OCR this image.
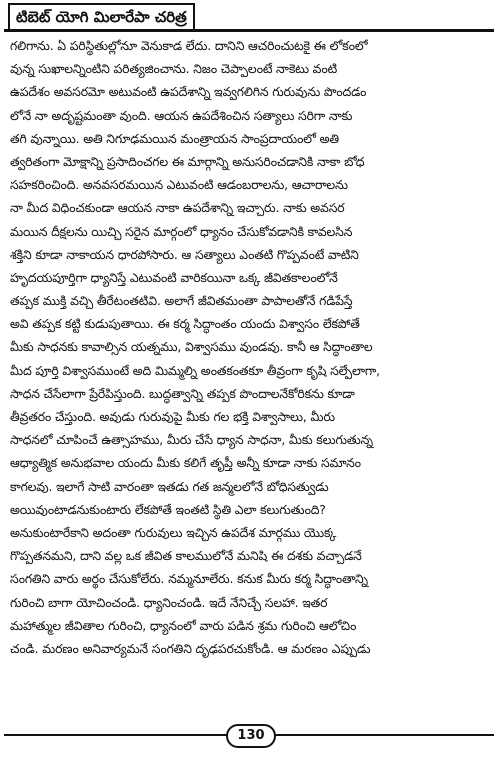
టిబెట్ యోగి మిలారేపా చరిత్ర
గలిగాను. ఏ పరిస్థితుల్లోనూ వెనుకాడ లేదు. దానిని ఆచరించుటకై ఈ లోకంలో
వున్న సుఖాలన్నింటిని పరిత్యజించాను. నిజం చెప్పాలంటే నాకెటు వంటి
ఉపదేశం అవసరమో అటువంటి ఉపదేశాన్ని ఇవ్వగలిగిన గురువును పొందడం
లోనే నా అదృష్టమంతా వుంది. ఆయన ఉపదేశించిన సత్యాలు సరిగా నాకు
తగి వున్నాయి. అతి నిగూఢమయిన మంత్రాయన సాంప్రదాయంలో అతి
త్వరితంగా మోక్షాన్ని ప్రసాదించగల ఈ మార్గాన్ని అనుసరించడానికి నాకా బోధ
సహకరించింది. అనవసరమయిన ఎటువంటి ఆడంబరాలను, ఆచారాలను
నా మీద విధించకుండా ఆయన నాకా ఉపదేశాన్ని ఇచ్చారు. నాకు అవసర
మయిన దీక్షలను యిచ్చి సరైన మార్గంలో ధ్యానం చేసుకోవడానికి కావలసిన
శక్తిని కూడా నాకాయన ధారపోసారు. ఆ సత్యాలు ఎంతటి గొప్పవంటే వాటిని
హృదయపూర్తిగా ధ్యానిస్తే ఎటువంటి వారికయినా ఒక్క జీవితకాలంలోనే
తప్పక ముక్తి వచ్చి తీరేటంతటివి. అలాగే జీవితమంతా పాపాలతోనే గడిపేస్తే
అవి తప్పక కట్టి కుడుపుతాయి. ఈ కర్మ సిద్ధాంతం యందు విశ్వాసం లేకపోతే
మీకు సాధనకు కావాల్సిన యత్నము, విశ్వాసము వుండవు. కానీ ఆ సిద్ధాంతాల
మీద పూర్తి విశ్వాసముంటే అది మిమ్మల్ని అంతకంతకూ తీవ్రంగా కృషి సల్పేలాగా,
సాధన చేసేలాగా ప్రేరేపిస్తుంది. బుద్ధత్వాన్ని తప్పక పొందాలనేకోరికను కూడా
తీవ్రతరం చేస్తుంది. అవుడు గురువుపై మీకు గల భక్తి విశ్వాసాలు, మీరు
సాధనలో చూపించే ఉత్సాహము, మీరు చేసే ధ్యాన సాధనా, మీకు కలుగుతున్న
ఆధ్యాత్మిక అనుభవాల యందు మీకు కలిగే తృప్తీ అన్నీ కూడా నాకు సమానం
కాగలవు. ఇలాగే సాటి వారంతా ఇతడు గత జన్మలలోనే బోధిసత్వుడు
అయివుంటాడనుకుంటారు లేకపోతే ఇంతటి స్థితి ఎలా కలుగుతుంది?
అనుకుంటారేకాని అదంతా గురువులు ఇచ్చిన ఉపదేశ మార్గము యొక్క
గొప్పతనమని, దాని వల్ల ఒక జీవిత కాలములోనే మనిషి ఈ దశకు వచ్చాడనే
సంగతిని వారు అర్థం చేసుకోలేరు. నమ్మనూలేరు. కనుక మీరు కర్మ సిద్ధాంతాన్ని
గురించి బాగా యోచించండి. ధ్యానించండి. ఇదే నేనిచ్చే సలహా. ఇతర
మహాత్ముల జీవితాల గురించి, ధ్యానంలో వారు పడిన శ్రమ గురించి ఆలోచిం
చండి. మరణం అనివార్యమనే సంగతిని దృఢపరచుకోండి. ఆ మరణం ఎప్పుడు
130
